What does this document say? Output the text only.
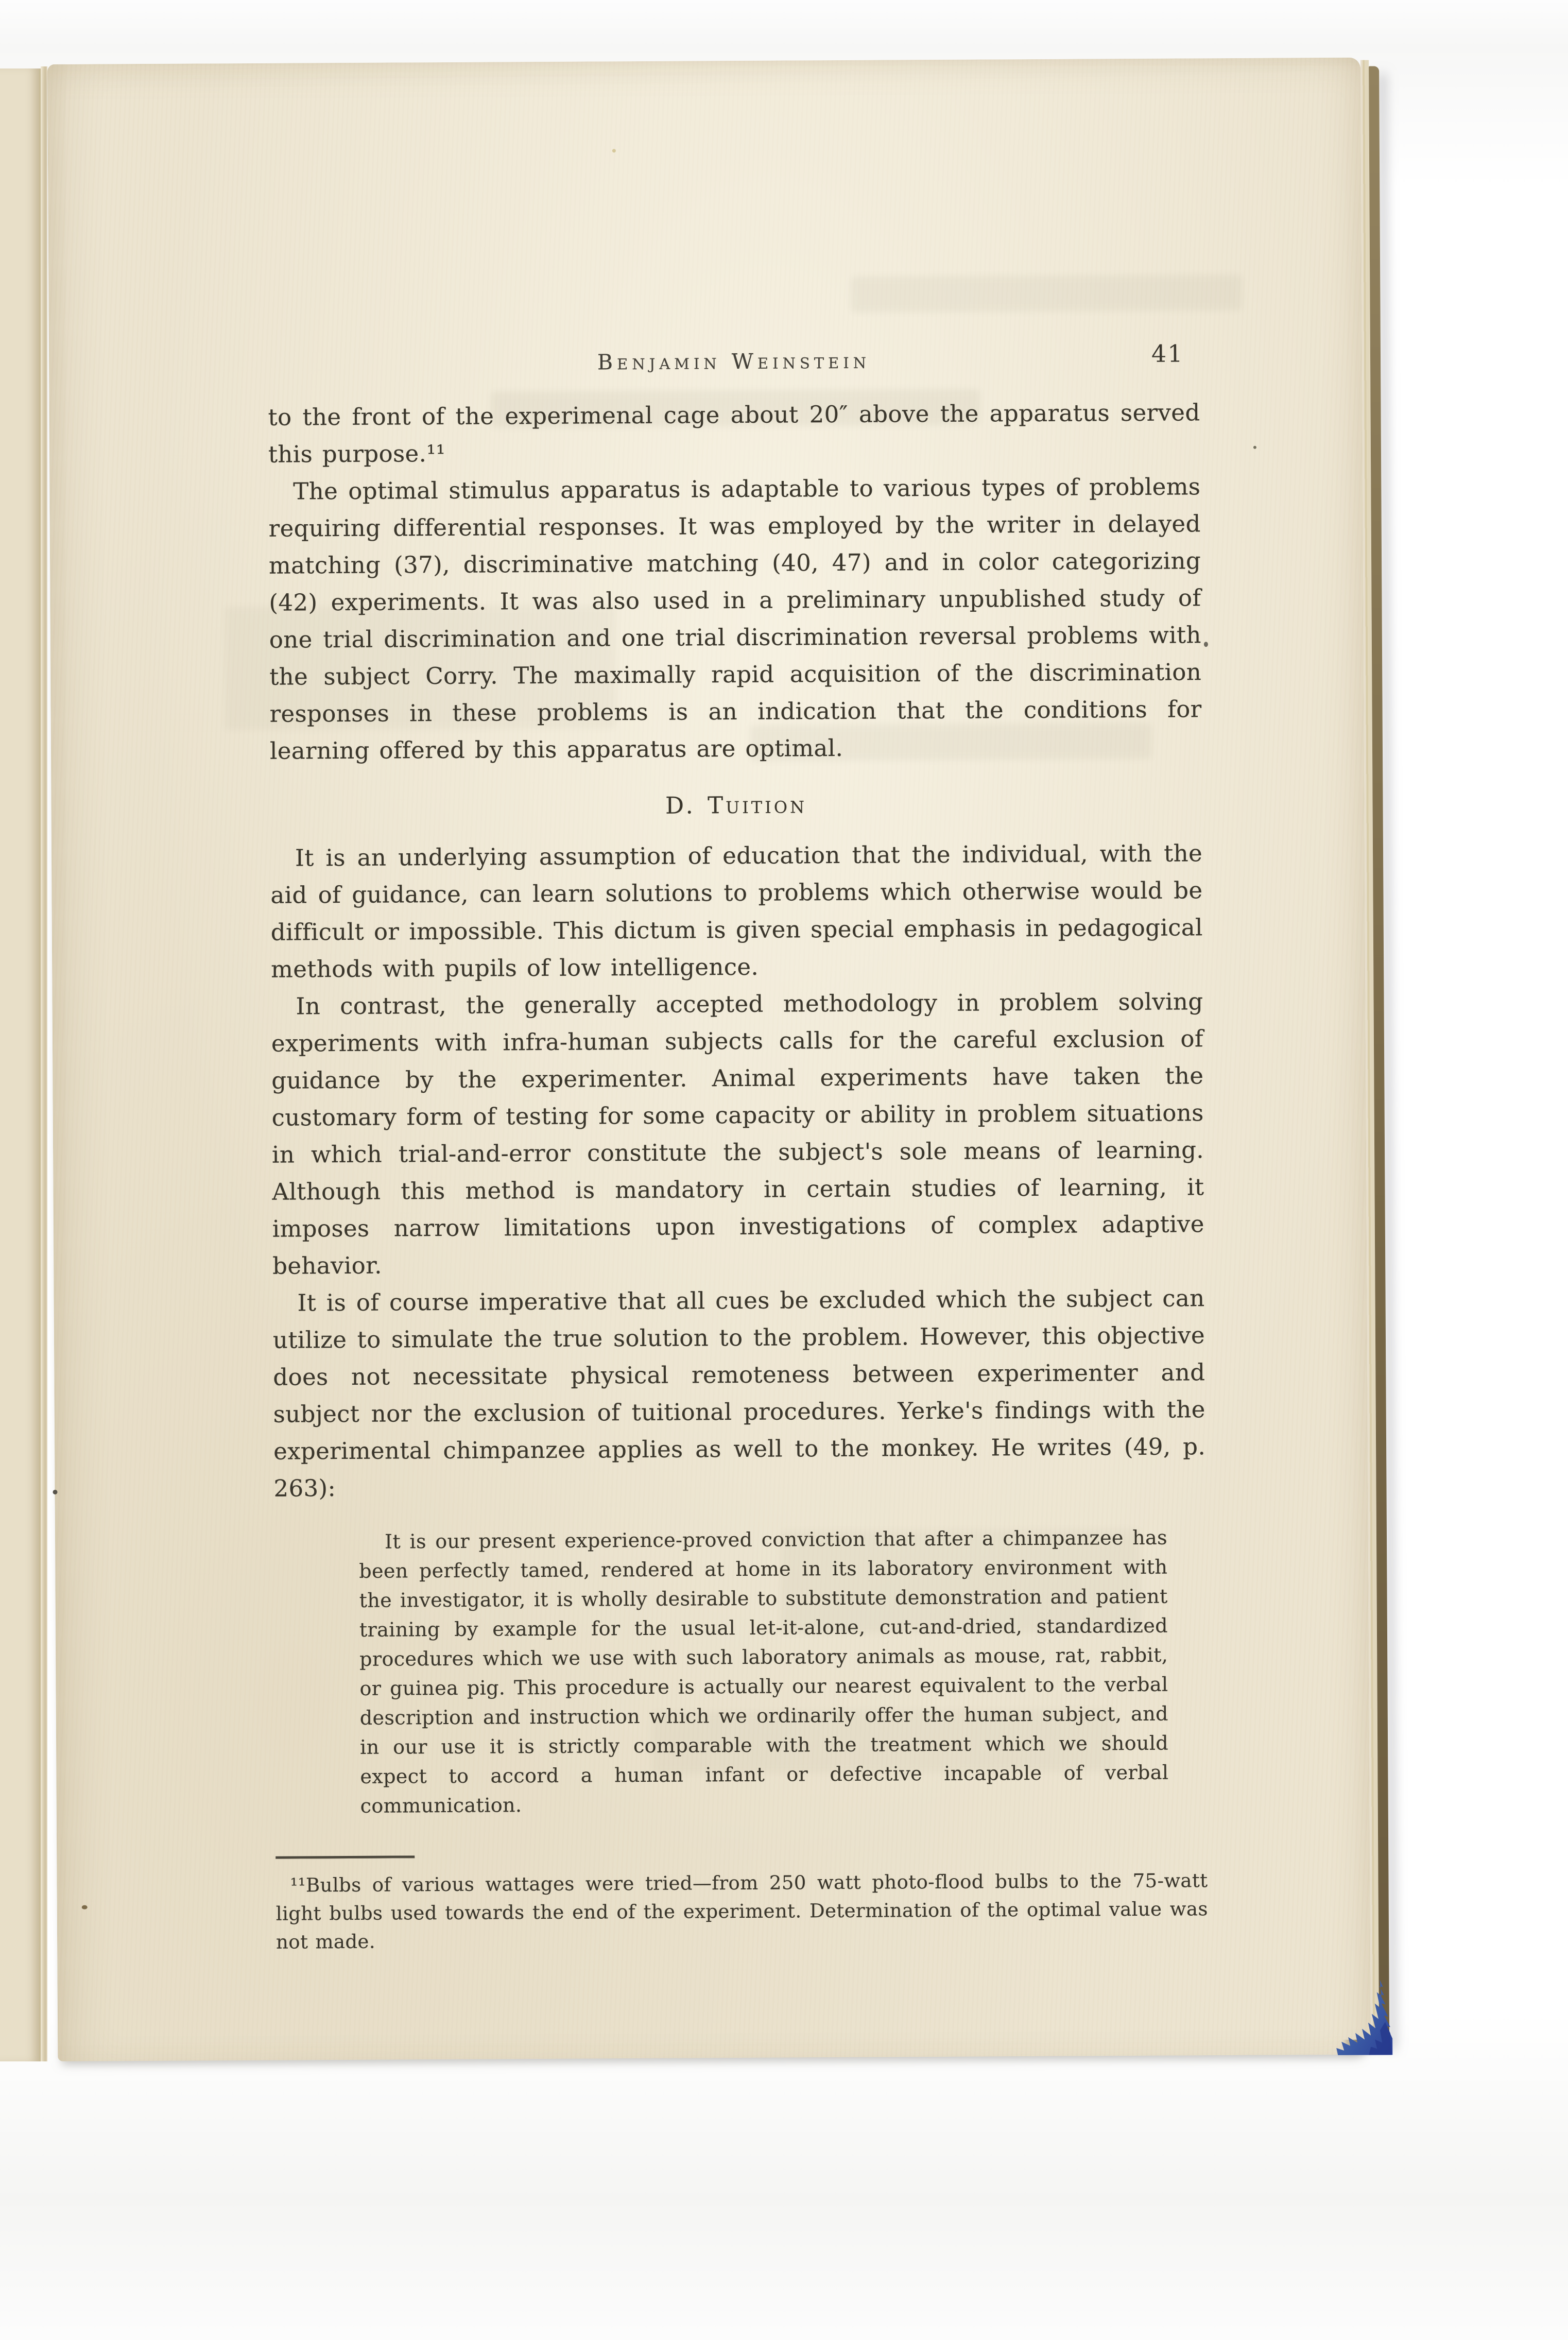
Benjamin Weinstein	41

to the front of the experimenal cage about 20″ above the apparatus served this purpose.¹¹

The optimal stimulus apparatus is adaptable to various types of problems requiring differential responses. It was employed by the writer in delayed matching (37), discriminative matching (40, 47) and in color categorizing (42) experiments. It was also used in a preliminary unpublished study of one trial discrimination and one trial discrimination reversal problems with the subject Corry. The maximally rapid acquisition of the discrimination responses in these problems is an indication that the conditions for learning offered by this apparatus are optimal.

D. Tuition

It is an underlying assumption of education that the individual, with the aid of guidance, can learn solutions to problems which otherwise would be difficult or impossible. This dictum is given special emphasis in pedagogical methods with pupils of low intelligence.

In contrast, the generally accepted methodology in problem solving experiments with infra-human subjects calls for the careful exclusion of guidance by the experimenter. Animal experiments have taken the customary form of testing for some capacity or ability in problem situations in which trial-and-error constitute the subject's sole means of learning. Although this method is mandatory in certain studies of learning, it imposes narrow limitations upon investigations of complex adaptive behavior.

It is of course imperative that all cues be excluded which the subject can utilize to simulate the true solution to the problem. However, this objective does not necessitate physical remoteness between experimenter and subject nor the exclusion of tuitional procedures. Yerke's findings with the experimental chimpanzee applies as well to the monkey. He writes (49, p. 263):

It is our present experience-proved conviction that after a chimpanzee has been perfectly tamed, rendered at home in its laboratory environment with the investigator, it is wholly desirable to substitute demonstration and patient training by example for the usual let-it-alone, cut-and-dried, standardized procedures which we use with such laboratory animals as mouse, rat, rabbit, or guinea pig. This procedure is actually our nearest equivalent to the verbal description and instruction which we ordinarily offer the human subject, and in our use it is strictly comparable with the treatment which we should expect to accord a human infant or defective incapable of verbal communication.

¹¹Bulbs of various wattages were tried—from 250 watt photo-flood bulbs to the 75-watt light bulbs used towards the end of the experiment. Determination of the optimal value was not made.
